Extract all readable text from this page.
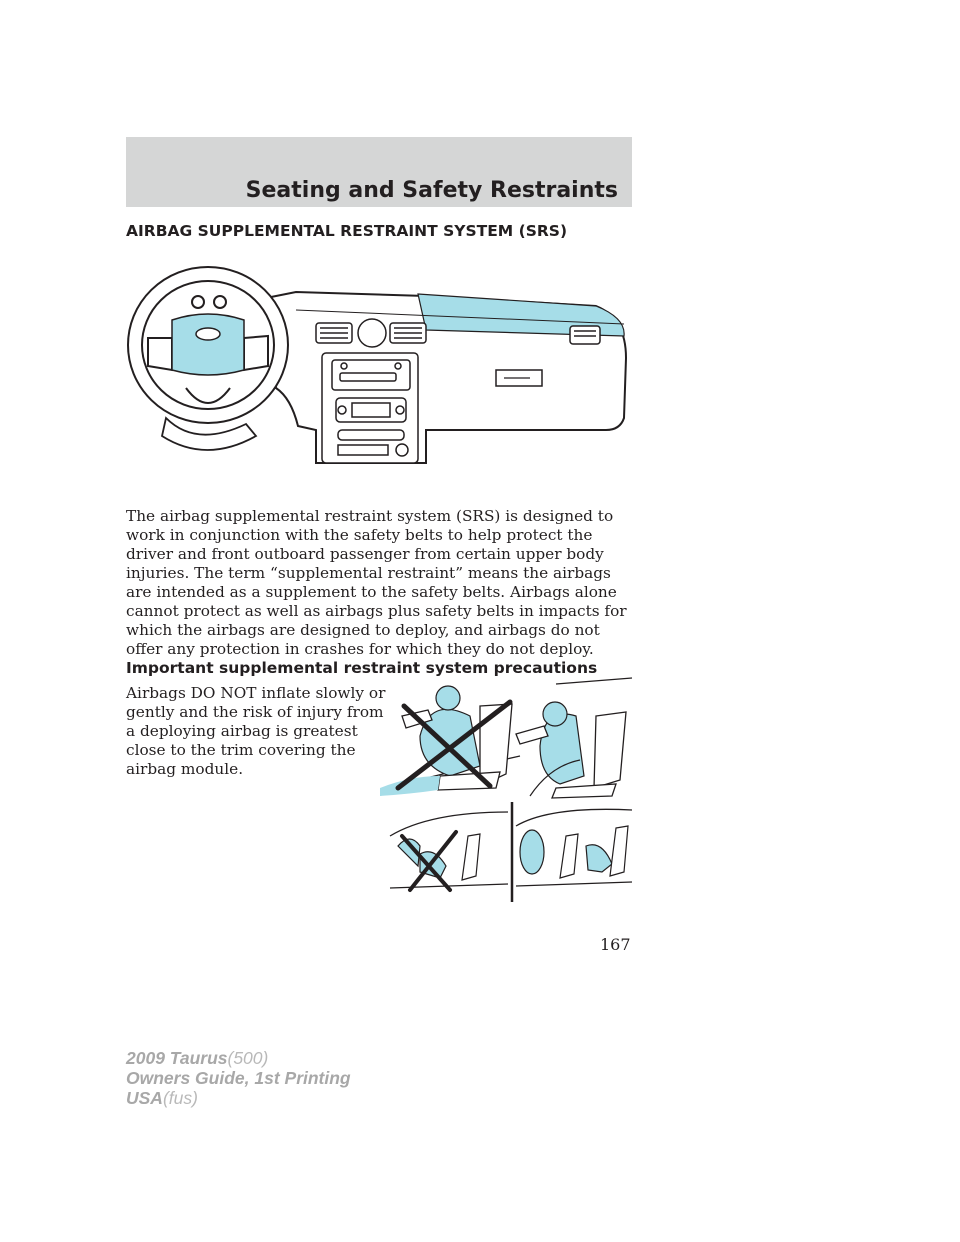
Seating and Safety Restraints
AIRBAG SUPPLEMENTAL RESTRAINT SYSTEM (SRS)

The airbag supplemental restraint system (SRS) is designed to work in conjunction with the safety belts to help protect the driver and front outboard passenger from certain upper body injuries. The term “supplemental restraint” means the airbags are intended as a supplement to the safety belts. Airbags alone cannot protect as well as airbags plus safety belts in impacts for which the airbags are designed to deploy, and airbags do not offer any protection in crashes for which they do not deploy.

Important supplemental restraint system precautions

Airbags DO NOT inflate slowly or gently and the risk of injury from a deploying airbag is greatest close to the trim covering the airbag module.

167
2009 Taurus(500)
Owners Guide, 1st Printing
USA(fus)
